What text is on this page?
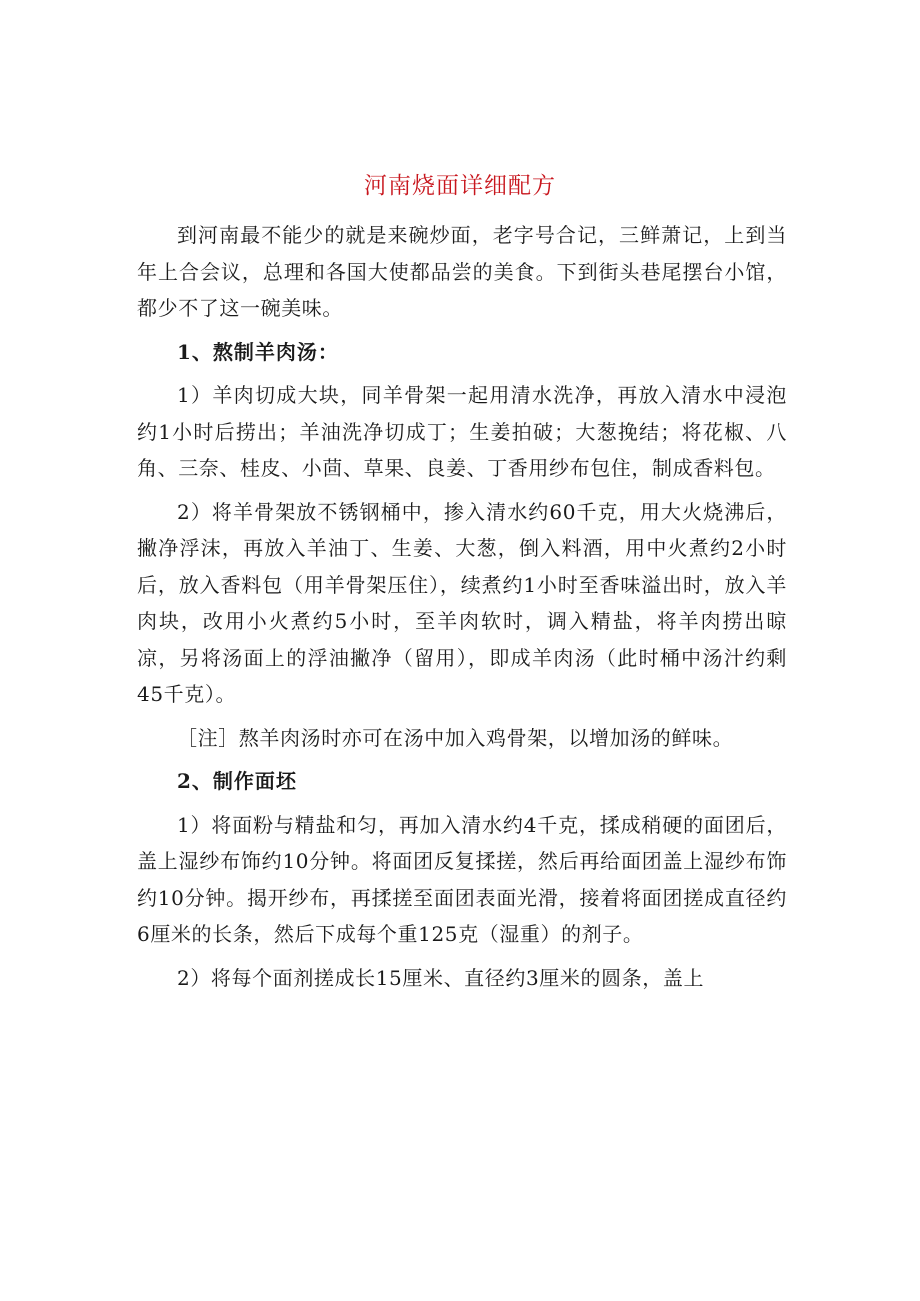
河南烧面详细配方

到河南最不能少的就是来碗炒面，老字号合记，三鲜萧记，上到当年上合会议，总理和各国大使都品尝的美食。下到街头巷尾摆台小馆，都少不了这一碗美味。

1、熬制羊肉汤：

1）羊肉切成大块，同羊骨架一起用清水洗净，再放入清水中浸泡约1小时后捞出；羊油洗净切成丁；生姜拍破；大葱挽结；将花椒、八角、三奈、桂皮、小茴、草果、良姜、丁香用纱布包住，制成香料包。

2）将羊骨架放不锈钢桶中，掺入清水约60千克，用大火烧沸后，撇净浮沫，再放入羊油丁、生姜、大葱，倒入料酒，用中火煮约2小时后，放入香料包（用羊骨架压住），续煮约1小时至香味溢出时，放入羊肉块，改用小火煮约5小时，至羊肉软时，调入精盐，将羊肉捞出晾凉，另将汤面上的浮油撇净（留用），即成羊肉汤（此时桶中汤汁约剩45千克）。

［注］熬羊肉汤时亦可在汤中加入鸡骨架，以增加汤的鲜味。

2、制作面坯

1）将面粉与精盐和匀，再加入清水约4千克，揉成稍硬的面团后，盖上湿纱布饰约10分钟。将面团反复揉搓，然后再给面团盖上湿纱布饰约10分钟。揭开纱布，再揉搓至面团表面光滑，接着将面团搓成直径约6厘米的长条，然后下成每个重125克（湿重）的剂子。

2）将每个面剂搓成长15厘米、直径约3厘米的圆条，盖上
